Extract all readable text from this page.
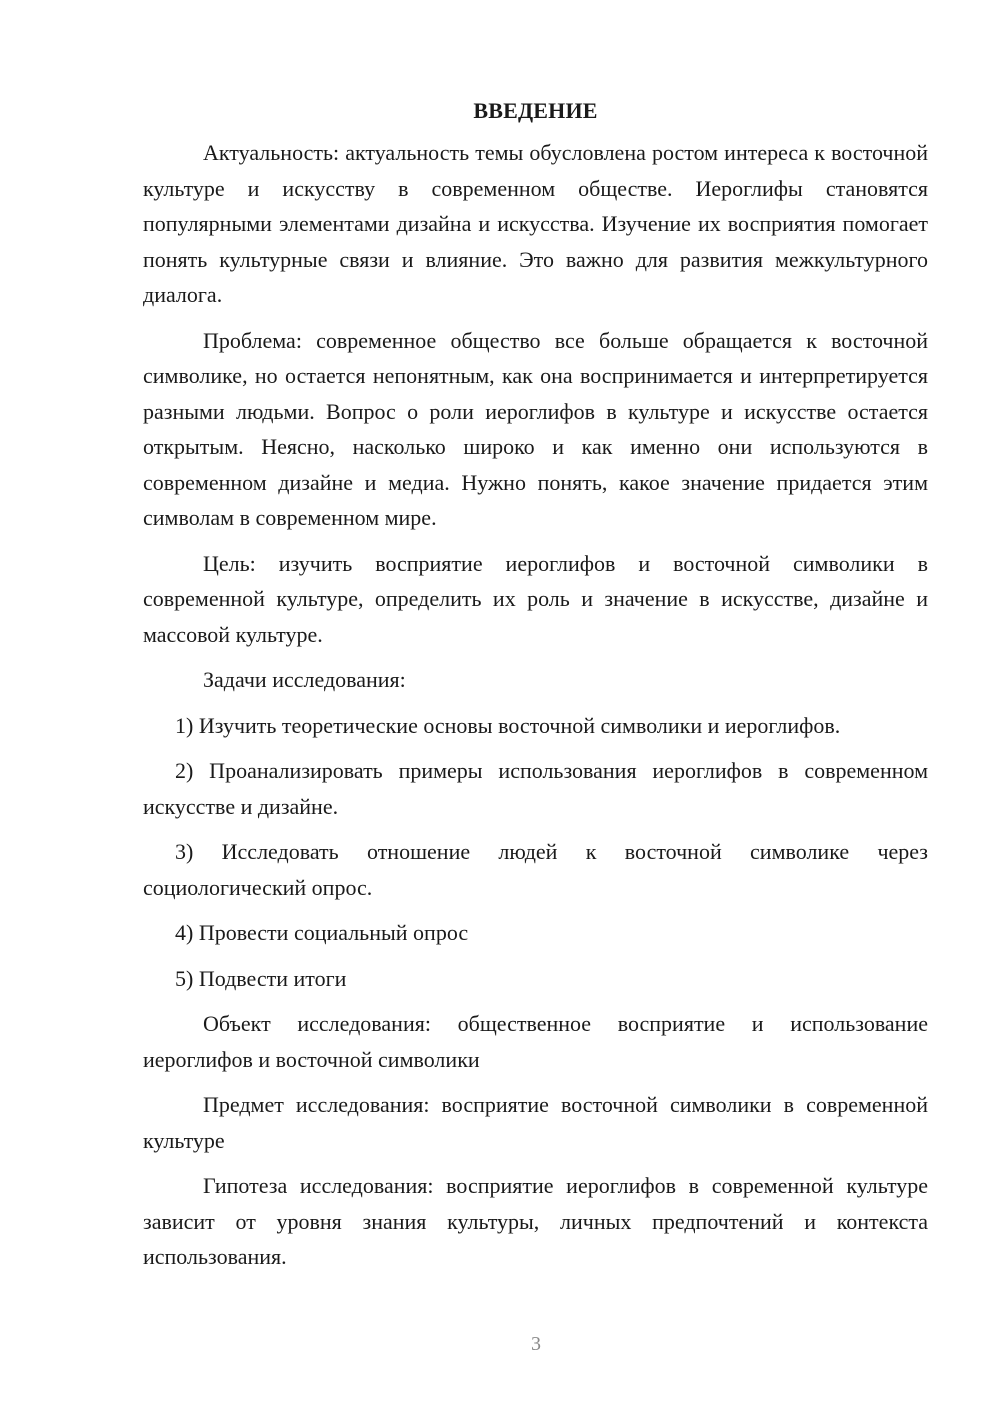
ВВЕДЕНИЕ

Актуальность: актуальность темы обусловлена ростом интереса к восточной культуре и искусству в современном обществе. Иероглифы становятся популярными элементами дизайна и искусства. Изучение их восприятия помогает понять культурные связи и влияние. Это важно для развития межкультурного диалога.

Проблема: современное общество все больше обращается к восточной символике, но остается непонятным, как она воспринимается и интерпретируется разными людьми. Вопрос о роли иероглифов в культуре и искусстве остается открытым. Неясно, насколько широко и как именно они используются в современном дизайне и медиа. Нужно понять, какое значение придается этим символам в современном мире.

Цель: изучить восприятие иероглифов и восточной символики в современной культуре, определить их роль и значение в искусстве, дизайне и массовой культуре.

Задачи исследования:

1) Изучить теоретические основы восточной символики и иероглифов.

2) Проанализировать примеры использования иероглифов в современном искусстве и дизайне.

3) Исследовать отношение людей к восточной символике через социологический опрос.

4) Провести социальный опрос

5) Подвести итоги

Объект исследования: общественное восприятие и использование иероглифов и восточной символики

Предмет исследования: восприятие восточной символики в современной культуре

Гипотеза исследования: восприятие иероглифов в современной культуре зависит от уровня знания культуры, личных предпочтений и контекста использования.

3
